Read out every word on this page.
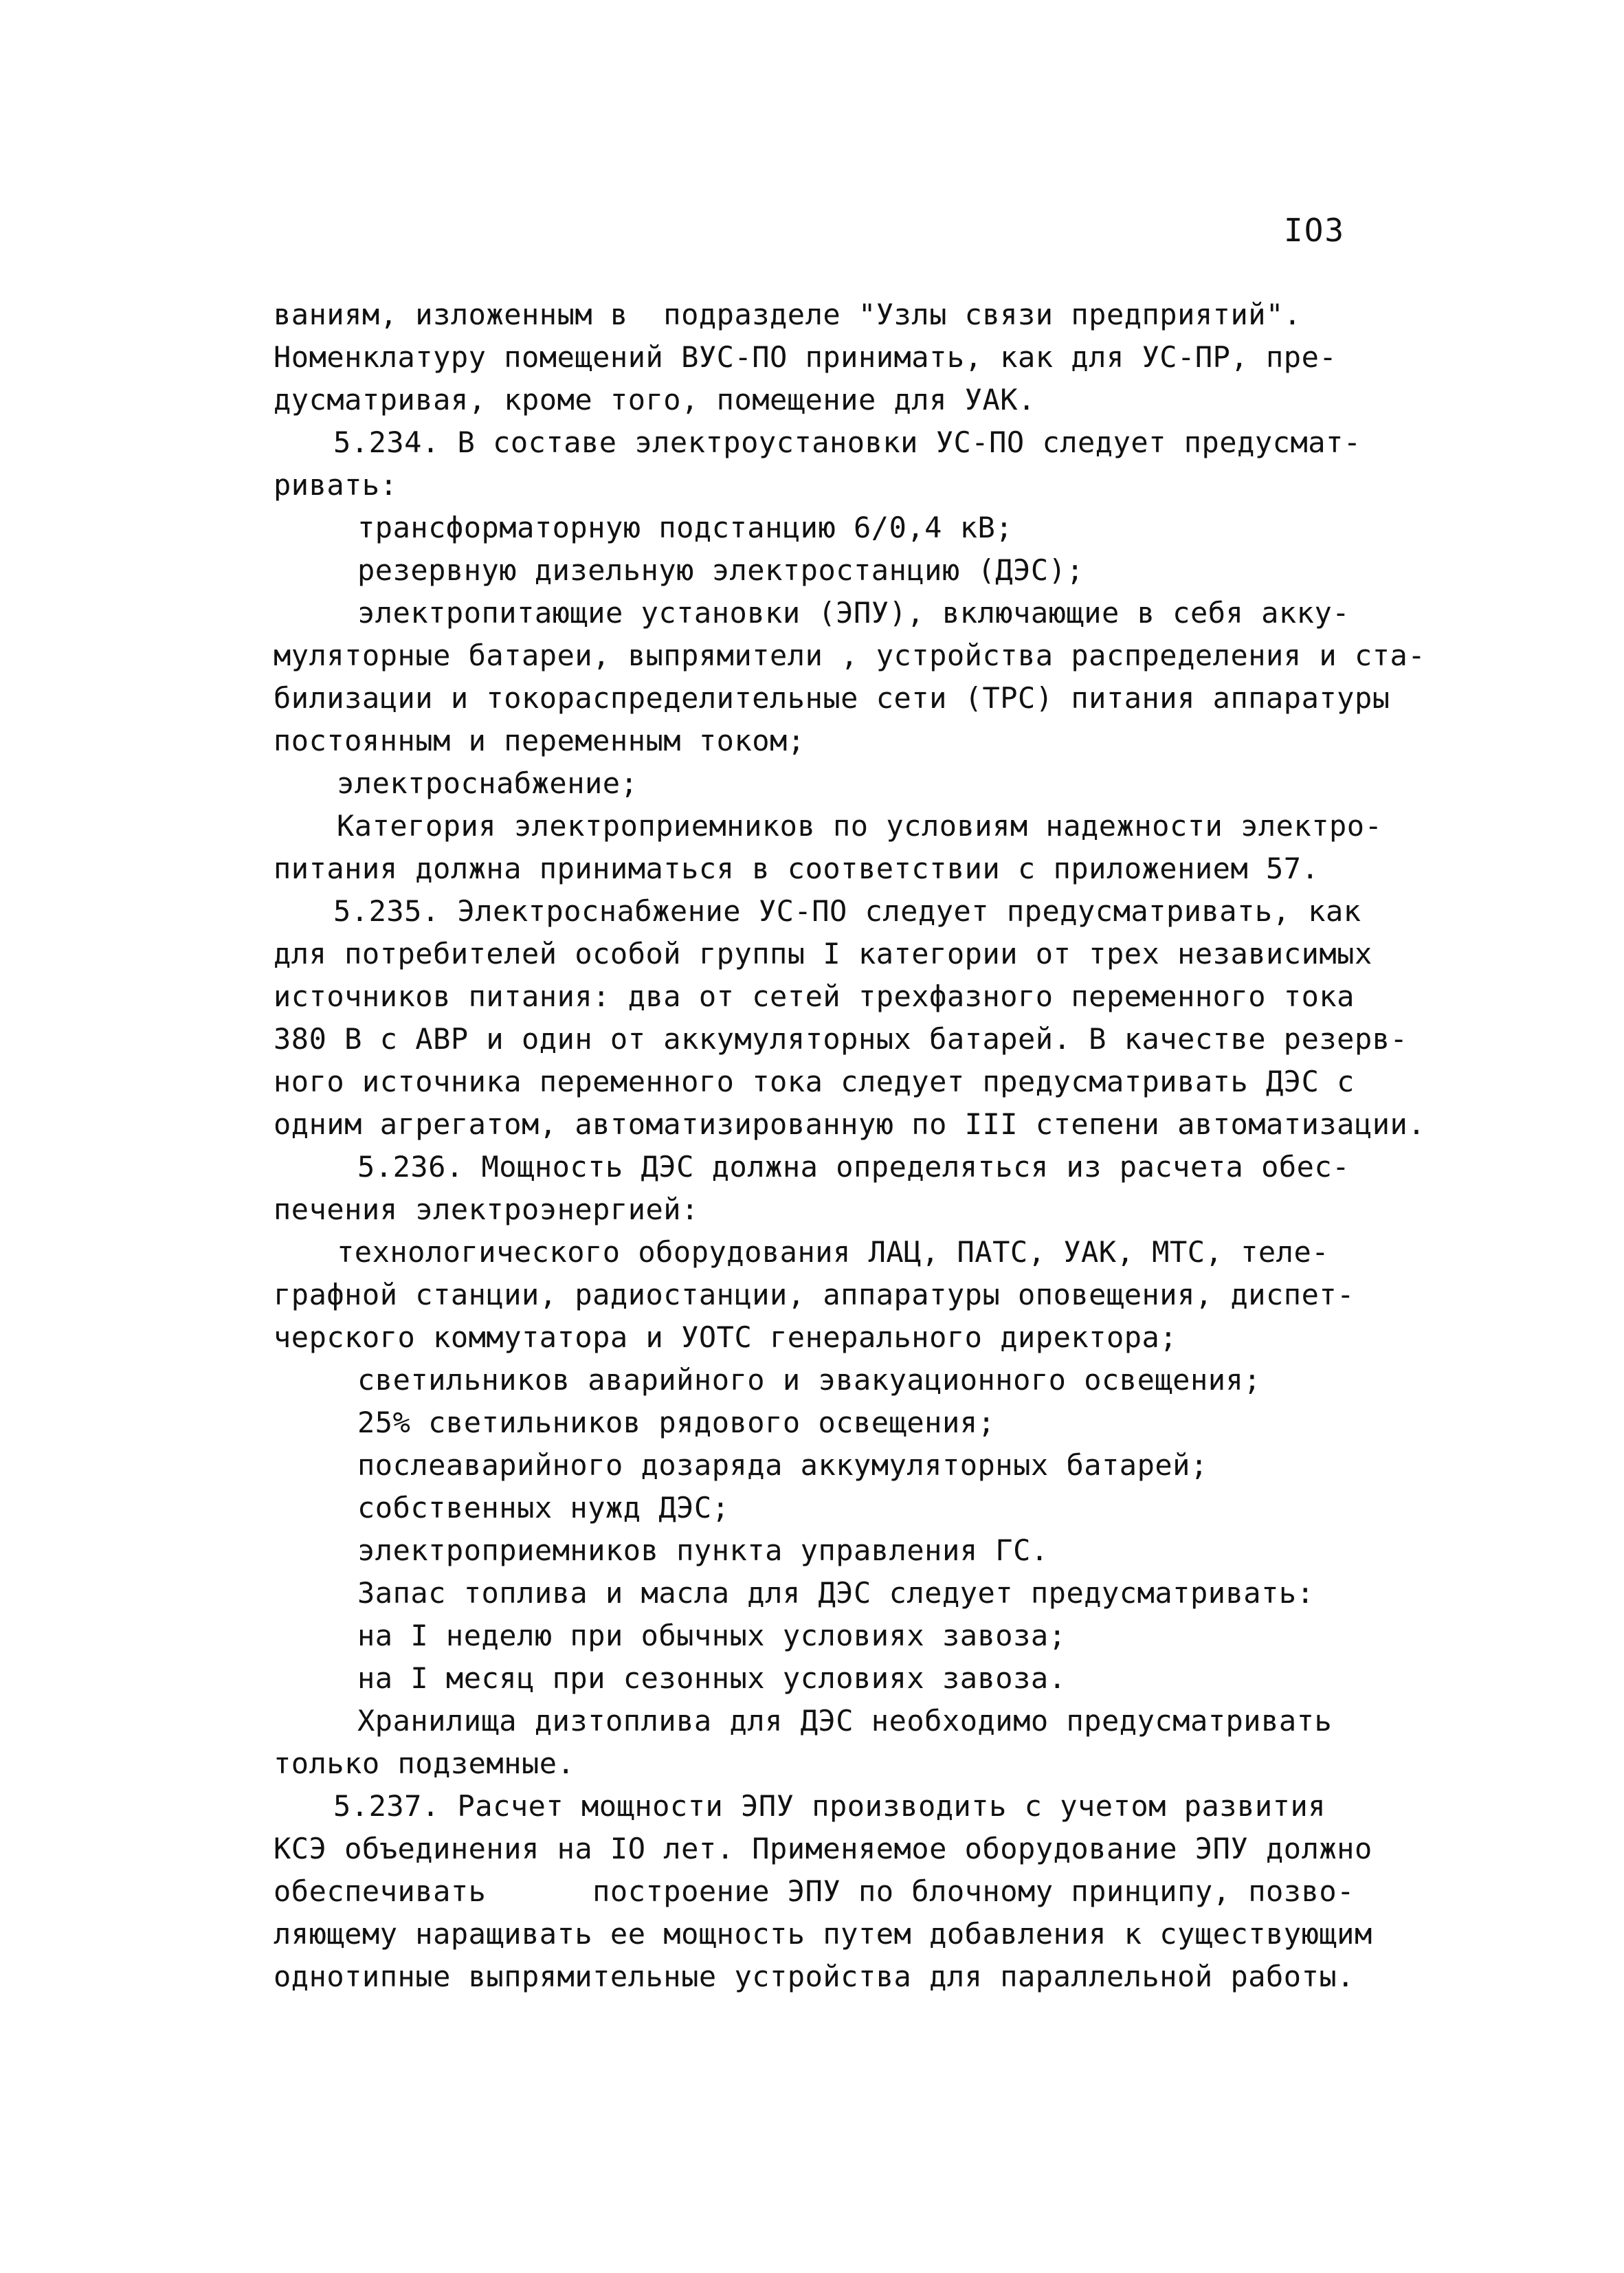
IO3
ваниям, изложенным в  подразделе "Узлы связи предприятий".
Номенклатуру помещений ВУС-ПО принимать, как для УС-ПР, пре-
дусматривая, кроме того, помещение для УАК.
5.234. В составе электроустановки УС-ПО следует предусмат-
ривать:
трансформаторную подстанцию 6/0,4 кВ;
резервную дизельную электростанцию (ДЭС);
электропитающие установки (ЭПУ), включающие в себя акку-
муляторные батареи, выпрямители , устройства распределения и ста-
билизации и токораспределительные сети (ТРС) питания аппаратуры
постоянным и переменным током;
электроснабжение;
Категория электроприемников по условиям надежности электро-
питания должна приниматься в соответствии с приложением 57.
5.235. Электроснабжение УС-ПО следует предусматривать, как
для потребителей особой группы I категории от трех независимых
источников питания: два от сетей трехфазного переменного тока
380 В с АВР и один от аккумуляторных батарей. В качестве резерв-
ного источника переменного тока следует предусматривать ДЭС с
одним агрегатом, автоматизированную по III степени автоматизации.
5.236. Мощность ДЭС должна определяться из расчета обес-
печения электроэнергией:
технологического оборудования ЛАЦ, ПАТС, УАК, МТС, теле-
графной станции, радиостанции, аппаратуры оповещения, диспет-
черского коммутатора и УОТС генерального директора;
светильников аварийного и эвакуационного освещения;
25% светильников рядового освещения;
послеаварийного дозаряда аккумуляторных батарей;
собственных нужд ДЭС;
электроприемников пункта управления ГС.
Запас топлива и масла для ДЭС следует предусматривать:
на I неделю при обычных условиях завоза;
на I месяц при сезонных условиях завоза.
Хранилища дизтоплива для ДЭС необходимо предусматривать
только подземные.
5.237. Расчет мощности ЭПУ производить с учетом развития
КСЭ объединения на IO лет. Применяемое оборудование ЭПУ должно
обеспечивать      построение ЭПУ по блочному принципу, позво-
ляющему наращивать ее мощность путем добавления к существующим
однотипные выпрямительные устройства для параллельной работы.
